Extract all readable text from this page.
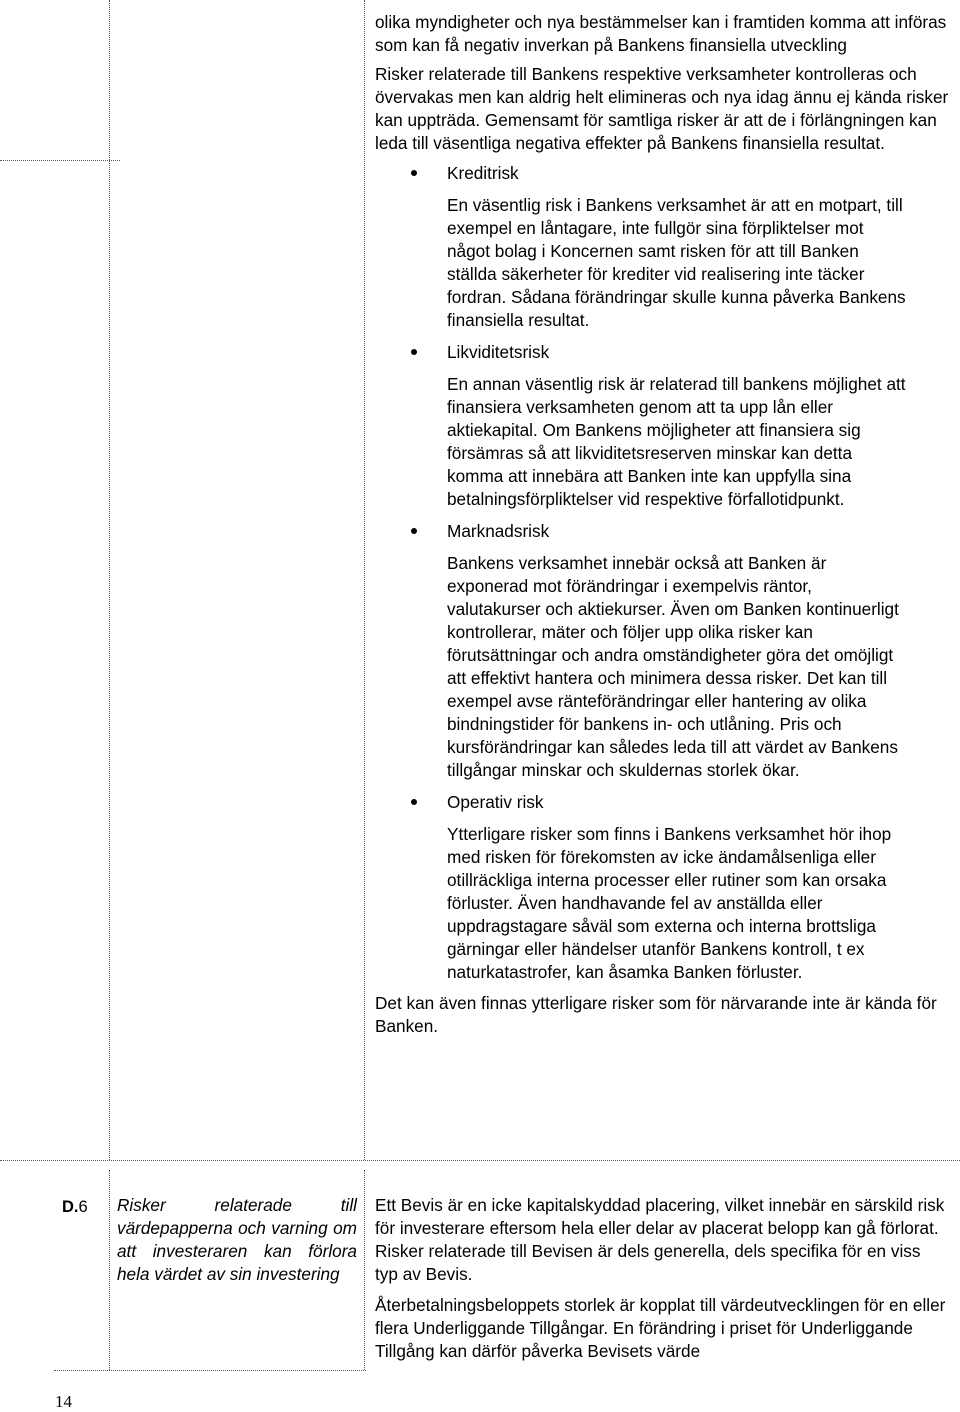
olika myndigheter och nya bestämmelser kan i framtiden komma att införas som kan få negativ inverkan på Bankens finansiella utveckling

Risker relaterade till Bankens respektive verksamheter kontrolleras och övervakas men kan aldrig helt elimineras och nya idag ännu ej kända risker kan uppträda. Gemensamt för samtliga risker är att de i förlängningen kan leda till väsentliga negativa effekter på Bankens finansiella resultat.

Kreditrisk
En väsentlig risk i Bankens verksamhet är att en motpart, till exempel en låntagare, inte fullgör sina förpliktelser mot något bolag i Koncernen samt risken för att till Banken ställda säkerheter för krediter vid realisering inte täcker fordran. Sådana förändringar skulle kunna påverka Bankens finansiella resultat.
Likviditetsrisk
En annan väsentlig risk är relaterad till bankens möjlighet att finansiera verksamheten genom att ta upp lån eller aktiekapital. Om Bankens möjligheter att finansiera sig försämras så att likviditetsreserven minskar kan detta komma att innebära att Banken inte kan uppfylla sina betalningsförpliktelser vid respektive förfallotidpunkt.
Marknadsrisk
Bankens verksamhet innebär också att Banken är exponerad mot förändringar i exempelvis räntor, valutakurser och aktiekurser. Även om Banken kontinuerligt kontrollerar, mäter och följer upp olika risker kan förutsättningar och andra omständigheter göra det omöjligt att effektivt hantera och minimera dessa risker. Det kan till exempel avse ränteförändringar eller hantering av olika bindningstider för bankens in- och utlåning. Pris och kursförändringar kan således leda till att värdet av Bankens tillgångar minskar och skuldernas storlek ökar.
Operativ risk
Ytterligare risker som finns i Bankens verksamhet hör ihop med risken för förekomsten av icke ändamålsenliga eller otillräckliga interna processer eller rutiner som kan orsaka förluster. Även handhavande fel av anställda eller uppdragstagare såväl som externa och interna brottsliga gärningar eller händelser utanför Bankens kontroll, t ex naturkatastrofer, kan åsamka Banken förluster.

Det kan även finnas ytterligare risker som för närvarande inte är kända för Banken.

D.6 Risker relaterade till värdepapperna och varning om att investeraren kan förlora hela värdet av sin investering

Ett Bevis är en icke kapitalskyddad placering, vilket innebär en särskild risk för investerare eftersom hela eller delar av placerat belopp kan gå förlorat. Risker relaterade till Bevisen är dels generella, dels specifika för en viss typ av Bevis.

Återbetalningsbeloppets storlek är kopplat till värdeutvecklingen för en eller flera Underliggande Tillgångar. En förändring i priset för Underliggande Tillgång kan därför påverka Bevisets värde

14
